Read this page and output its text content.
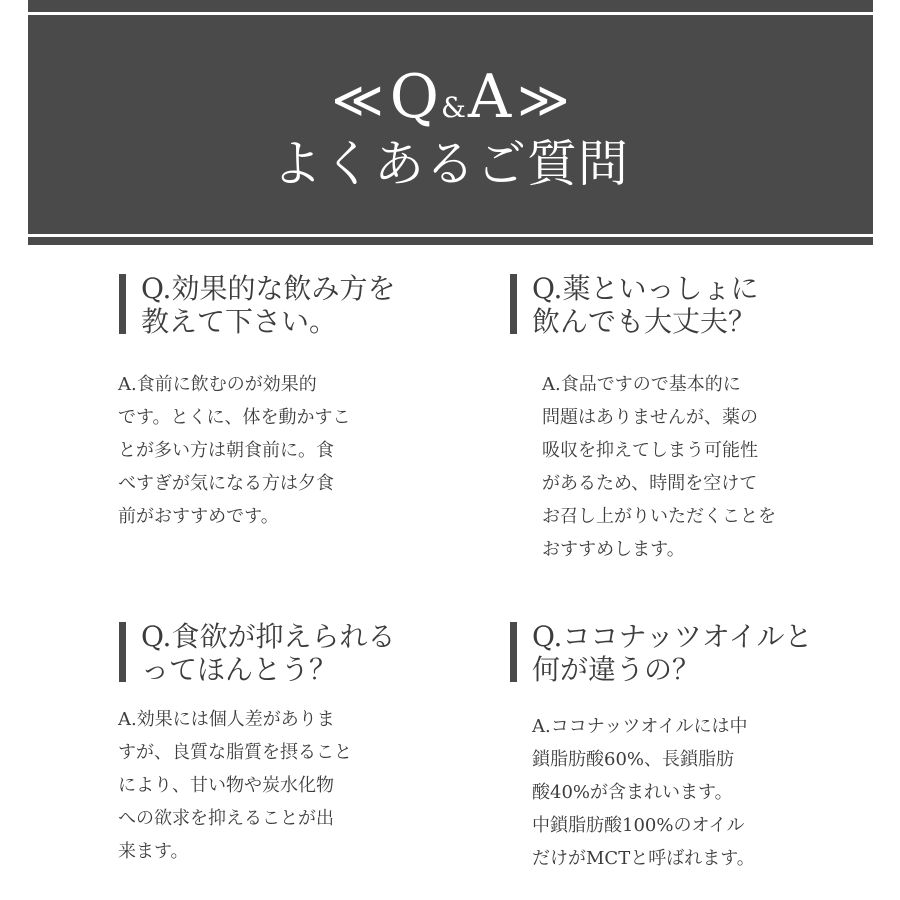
≪ Q & A ≫
よくあるご質問
Q.効果的な飲み方を
教えて下さい。
A.食前に飲むのが効果的
です。とくに、体を動かすこ
とが多い方は朝食前に。食
べすぎが気になる方は夕食
前がおすすめです。
Q.薬といっしょに
飲んでも大丈夫？
A.食品ですので基本的に
問題はありませんが、薬の
吸収を抑えてしまう可能性
があるため、時間を空けて
お召し上がりいただくことを
おすすめします。
Q.食欲が抑えられる
ってほんとう？
A.効果には個人差がありま
すが、良質な脂質を摂ること
により、甘い物や炭水化物
への欲求を抑えることが出
来ます。
Q.ココナッツオイルと
何が違うの？
A.ココナッツオイルには中
鎖脂肪酸60%、長鎖脂肪
酸40%が含まれいます。
中鎖脂肪酸100%のオイル
だけがMCTと呼ばれます。
